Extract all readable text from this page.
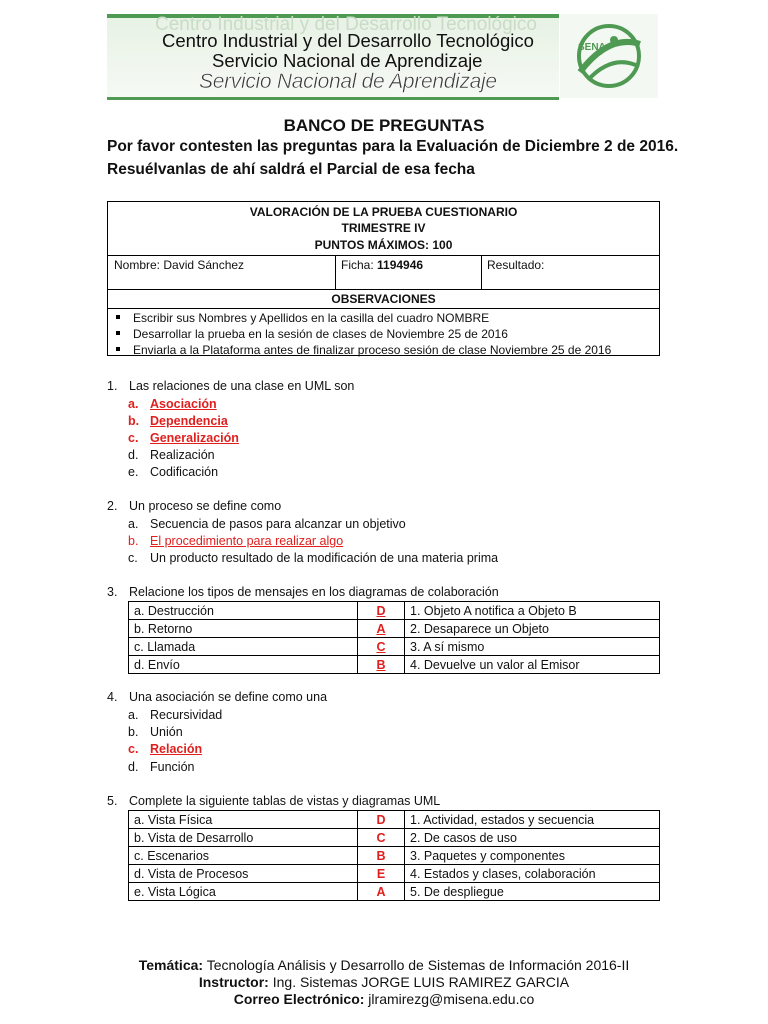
Centro Industrial y del Desarrollo Tecnológico
Centro Industrial y del Desarrollo Tecnológico
Servicio Nacional de Aprendizaje
Servicio Nacional de Aprendizaje
SENA
BANCO DE PREGUNTAS
Por favor contesten las preguntas para la Evaluación de Diciembre 2 de 2016.
Resuélvanlas de ahí saldrá el Parcial de esa fecha
VALORACIÓN DE LA PRUEBA CUESTIONARIO
TRIMESTRE IV
PUNTOS MÁXIMOS: 100
Nombre: David Sánchez	Ficha: 1194946	Resultado:
OBSERVACIONES
Escribir sus Nombres y Apellidos en la casilla del cuadro NOMBRE
Desarrollar la prueba en la sesión de clases de Noviembre 25 de 2016
Enviarla a la Plataforma antes de finalizar proceso sesión de clase Noviembre 25 de 2016
1. Las relaciones de una clase en UML son
a. Asociación
b. Dependencia
c. Generalización
d. Realización
e. Codificación
2. Un proceso se define como
a. Secuencia de pasos para alcanzar un objetivo
b. El procedimiento para realizar algo
c. Un producto resultado de la modificación de una materia prima
3. Relacione los tipos de mensajes en los diagramas de colaboración
a. Destrucción	D	1. Objeto A notifica a Objeto B
b. Retorno	A	2. Desaparece un Objeto
c. Llamada	C	3. A sí mismo
d. Envío	B	4. Devuelve un valor al Emisor
4. Una asociación se define como una
a. Recursividad
b. Unión
c. Relación
d. Función
5. Complete la siguiente tablas de vistas y diagramas UML
a. Vista Física	D	1. Actividad, estados y secuencia
b. Vista de Desarrollo	C	2. De casos de uso
c. Escenarios	B	3. Paquetes y componentes
d. Vista de Procesos	E	4. Estados y clases, colaboración
e. Vista Lógica	A	5. De despliegue
Temática: Tecnología Análisis y Desarrollo de Sistemas de Información 2016-II
Instructor: Ing. Sistemas JORGE LUIS RAMIREZ GARCIA
Correo Electrónico: jlramirezg@misena.edu.co
